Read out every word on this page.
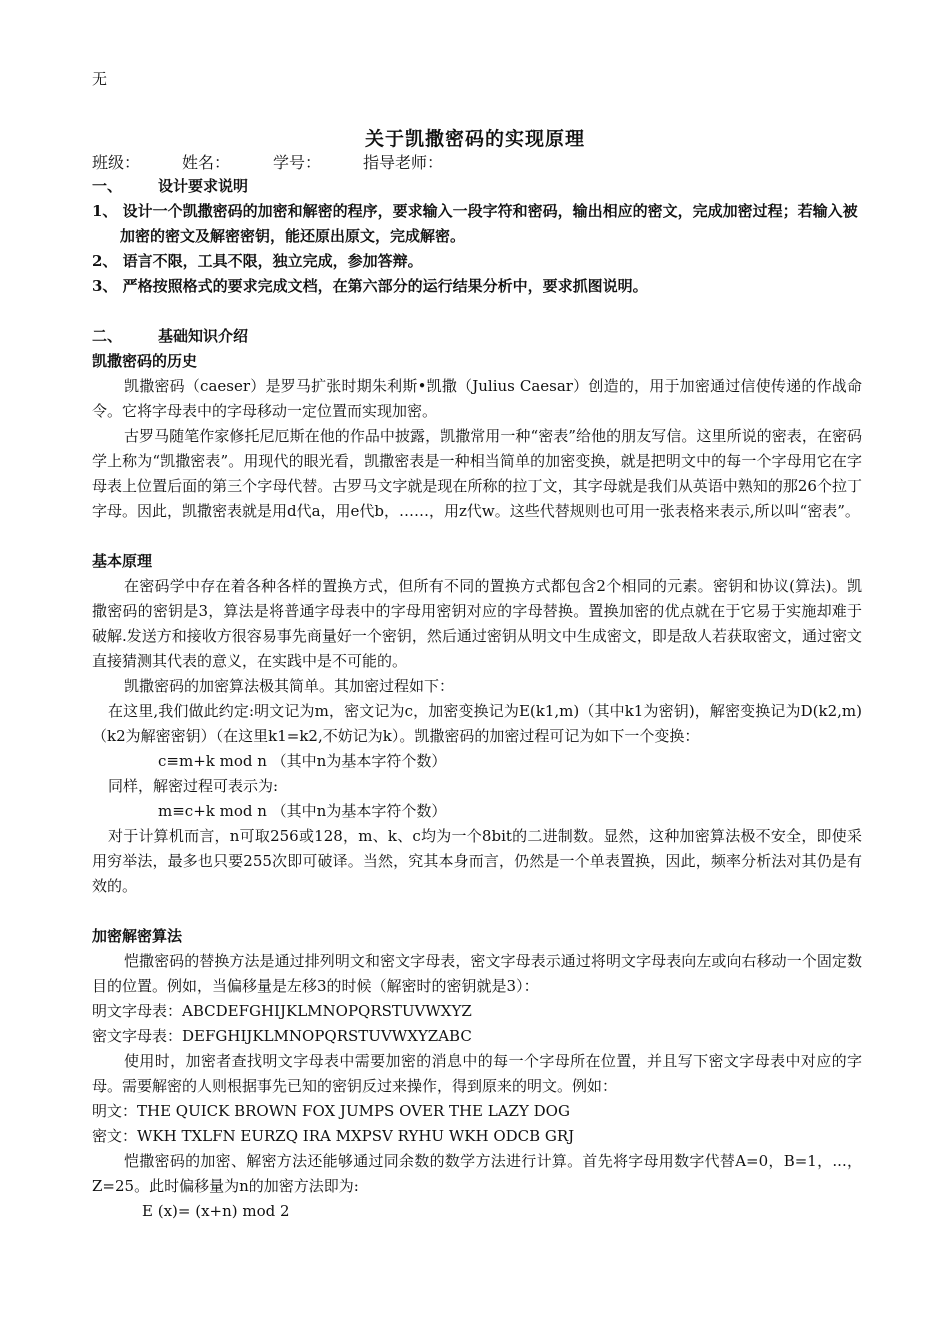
无
关于凯撒密码的实现原理
班级：	姓名：	学号：	指导老师：

一、 设计要求说明

1、 设计一个凯撒密码的加密和解密的程序，要求输入一段字符和密码，输出相应的密文，完成加密过程；若输入被加密的密文及解密密钥，能还原出原文，完成解密。

2、 语言不限，工具不限，独立完成，参加答辩。

3、 严格按照格式的要求完成文档，在第六部分的运行结果分析中，要求抓图说明。

二、 基础知识介绍

凯撒密码的历史

凯撒密码（caeser）是罗马扩张时期朱利斯•凯撒（Julius Caesar）创造的，用于加密通过信使传递的作战命令。它将字母表中的字母移动一定位置而实现加密。

古罗马随笔作家修托尼厄斯在他的作品中披露，凯撒常用一种“密表”给他的朋友写信。这里所说的密表，在密码学上称为“凯撒密表”。用现代的眼光看，凯撒密表是一种相当简单的加密变换，就是把明文中的每一个字母用它在字母表上位置后面的第三个字母代替。古罗马文字就是现在所称的拉丁文，其字母就是我们从英语中熟知的那26个拉丁字母。因此，凯撒密表就是用d代a，用e代b，……，用z代w。这些代替规则也可用一张表格来表示,所以叫“密表”。

基本原理

在密码学中存在着各种各样的置换方式，但所有不同的置换方式都包含2个相同的元素。密钥和协议(算法)。凯撒密码的密钥是3，算法是将普通字母表中的字母用密钥对应的字母替换。置换加密的优点就在于它易于实施却难于破解.发送方和接收方很容易事先商量好一个密钥，然后通过密钥从明文中生成密文，即是敌人若获取密文，通过密文直接猜测其代表的意义，在实践中是不可能的。

凯撒密码的加密算法极其简单。其加密过程如下：

在这里,我们做此约定:明文记为m，密文记为c，加密变换记为E(k1,m)（其中k1为密钥)，解密变换记为D(k2,m)（k2为解密密钥）（在这里k1=k2,不妨记为k）。凯撒密码的加密过程可记为如下一个变换：

c≡m+k mod n （其中n为基本字符个数）

同样，解密过程可表示为:

m≡c+k mod n （其中n为基本字符个数）

对于计算机而言，n可取256或128，m、k、c均为一个8bit的二进制数。显然，这种加密算法极不安全，即使采用穷举法，最多也只要255次即可破译。当然，究其本身而言，仍然是一个单表置换，因此，频率分析法对其仍是有效的。

加密解密算法

恺撒密码的替换方法是通过排列明文和密文字母表，密文字母表示通过将明文字母表向左或向右移动一个固定数目的位置。例如，当偏移量是左移3的时候（解密时的密钥就是3）：

明文字母表：ABCDEFGHIJKLMNOPQRSTUVWXYZ

密文字母表：DEFGHIJKLMNOPQRSTUVWXYZABC

使用时，加密者查找明文字母表中需要加密的消息中的每一个字母所在位置，并且写下密文字母表中对应的字母。需要解密的人则根据事先已知的密钥反过来操作，得到原来的明文。例如：

明文：THE QUICK BROWN FOX JUMPS OVER THE LAZY DOG

密文：WKH TXLFN EURZQ IRA MXPSV RYHU WKH ODCB GRJ

恺撒密码的加密、解密方法还能够通过同余数的数学方法进行计算。首先将字母用数字代替A=0，B=1，...，Z=25。此时偏移量为n的加密方法即为:

E (x)= (x+n) mod 2
